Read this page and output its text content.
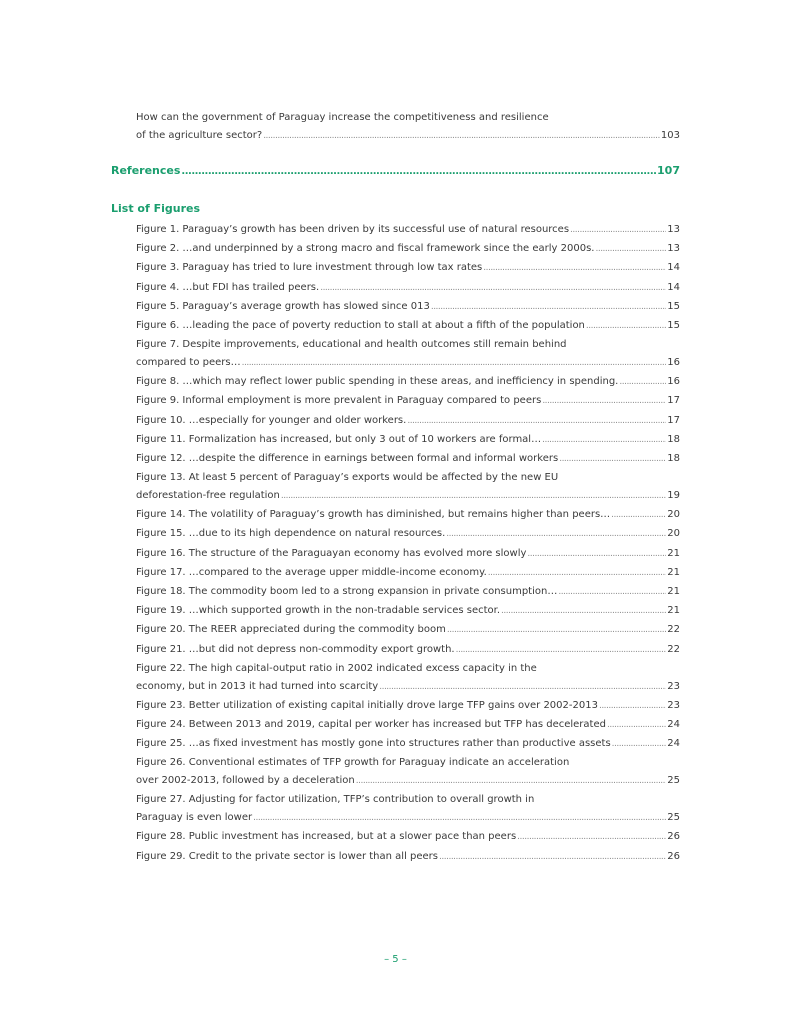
How can the government of Paraguay increase the competitiveness and resilience
of the agriculture sector? .....	103
References .....	107
List of Figures
Figure 1. Paraguay’s growth has been driven by its successful use of natural resources .....	13
Figure 2. …and underpinned by a strong macro and fiscal framework since the early 2000s. .....	13
Figure 3. Paraguay has tried to lure investment through low tax rates .....	14
Figure 4. …but FDI has trailed peers. .....	14
Figure 5. Paraguay’s average growth has slowed since 013 .....	15
Figure 6. …leading the pace of poverty reduction to stall at about a fifth of the population .....	15
Figure 7. Despite improvements, educational and health outcomes still remain behind
compared to peers… .....	16
Figure 8. …which may reflect lower public spending in these areas, and inefficiency in spending. .....	16
Figure 9. Informal employment is more prevalent in Paraguay compared to peers .....	17
Figure 10. …especially for younger and older workers. .....	17
Figure 11. Formalization has increased, but only 3 out of 10 workers are formal… .....	18
Figure 12. …despite the difference in earnings between formal and informal workers .....	18
Figure 13. At least 5 percent of Paraguay’s exports would be affected by the new EU
deforestation-free regulation .....	19
Figure 14. The volatility of Paraguay’s growth has diminished, but remains higher than peers… .....	20
Figure 15. …due to its high dependence on natural resources. .....	20
Figure 16. The structure of the Paraguayan economy has evolved more slowly .....	21
Figure 17. …compared to the average upper middle-income economy. .....	21
Figure 18. The commodity boom led to a strong expansion in private consumption… .....	21
Figure 19. …which supported growth in the non-tradable services sector. .....	21
Figure 20. The REER appreciated during the commodity boom .....	22
Figure 21. …but did not depress non-commodity export growth. .....	22
Figure 22. The high capital-output ratio in 2002 indicated excess capacity in the
economy, but in 2013 it had turned into scarcity .....	23
Figure 23. Better utilization of existing capital initially drove large TFP gains over 2002-2013 .....	23
Figure 24. Between 2013 and 2019, capital per worker has increased but TFP has decelerated .....	24
Figure 25. …as fixed investment has mostly gone into structures rather than productive assets .....	24
Figure 26. Conventional estimates of TFP growth for Paraguay indicate an acceleration
over 2002-2013, followed by a deceleration .....	25
Figure 27. Adjusting for factor utilization, TFP’s contribution to overall growth in
Paraguay is even lower .....	25
Figure 28. Public investment has increased, but at a slower pace than peers .....	26
Figure 29. Credit to the private sector is lower than all peers .....	26
– 5 –
